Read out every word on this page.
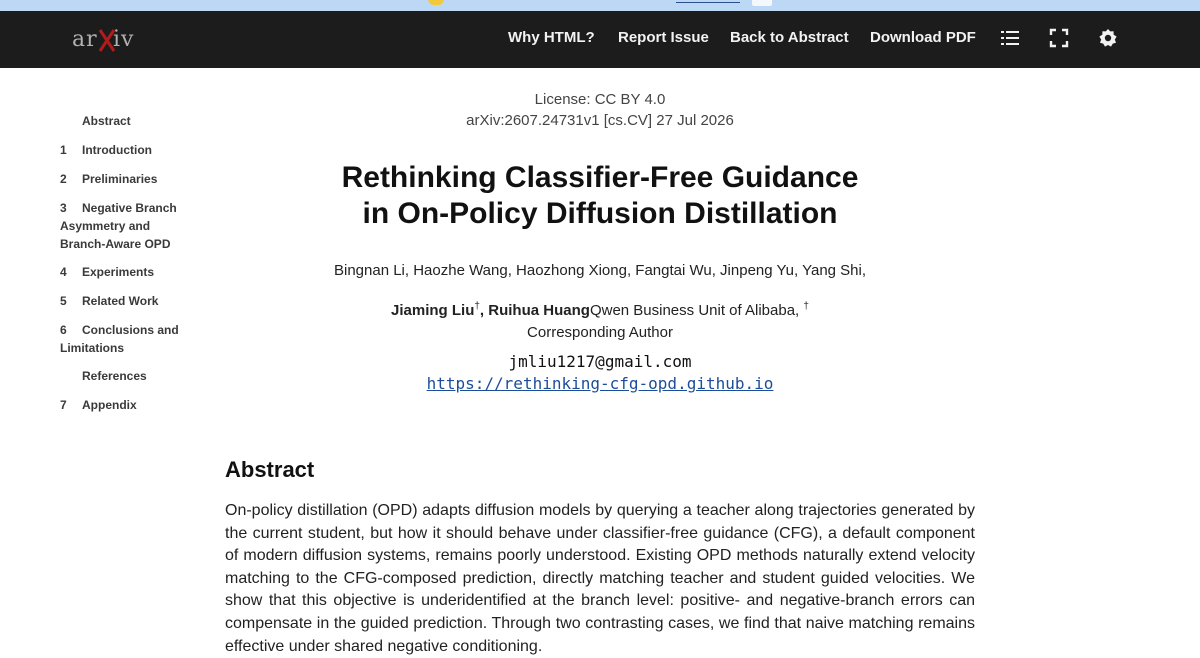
ar iv	Why HTML? Report Issue Back to Abstract Download PDF
Abstract
1	Introduction
2	Preliminaries
3	Negative Branch Asymmetry and Branch-Aware OPD
4	Experiments
5	Related Work
6	Conclusions and Limitations
References
7	Appendix
License: CC BY 4.0
arXiv:2607.24731v1 [cs.CV] 27 Jul 2026
Rethinking Classifier-Free Guidance
in On-Policy Diffusion Distillation
Bingnan Li, Haozhe Wang, Haozhong Xiong, Fangtai Wu, Jinpeng Yu, Yang Shi,
Jiaming Liu†, Ruihua HuangQwen Business Unit of Alibaba, † Corresponding Author
jmliu1217@gmail.com
https://rethinking-cfg-opd.github.io
Abstract

On-policy distillation (OPD) adapts diffusion models by querying a teacher along trajectories generated by the current student, but how it should behave under classifier-free guidance (CFG), a default component of modern diffusion systems, remains poorly understood. Existing OPD methods naturally extend velocity matching to the CFG-composed prediction, directly matching teacher and student guided velocities. We show that this objective is underidentified at the branch level: positive- and negative-branch errors can compensate in the guided prediction. Through two contrasting cases, we find that naive matching remains effective under shared negative conditioning.
